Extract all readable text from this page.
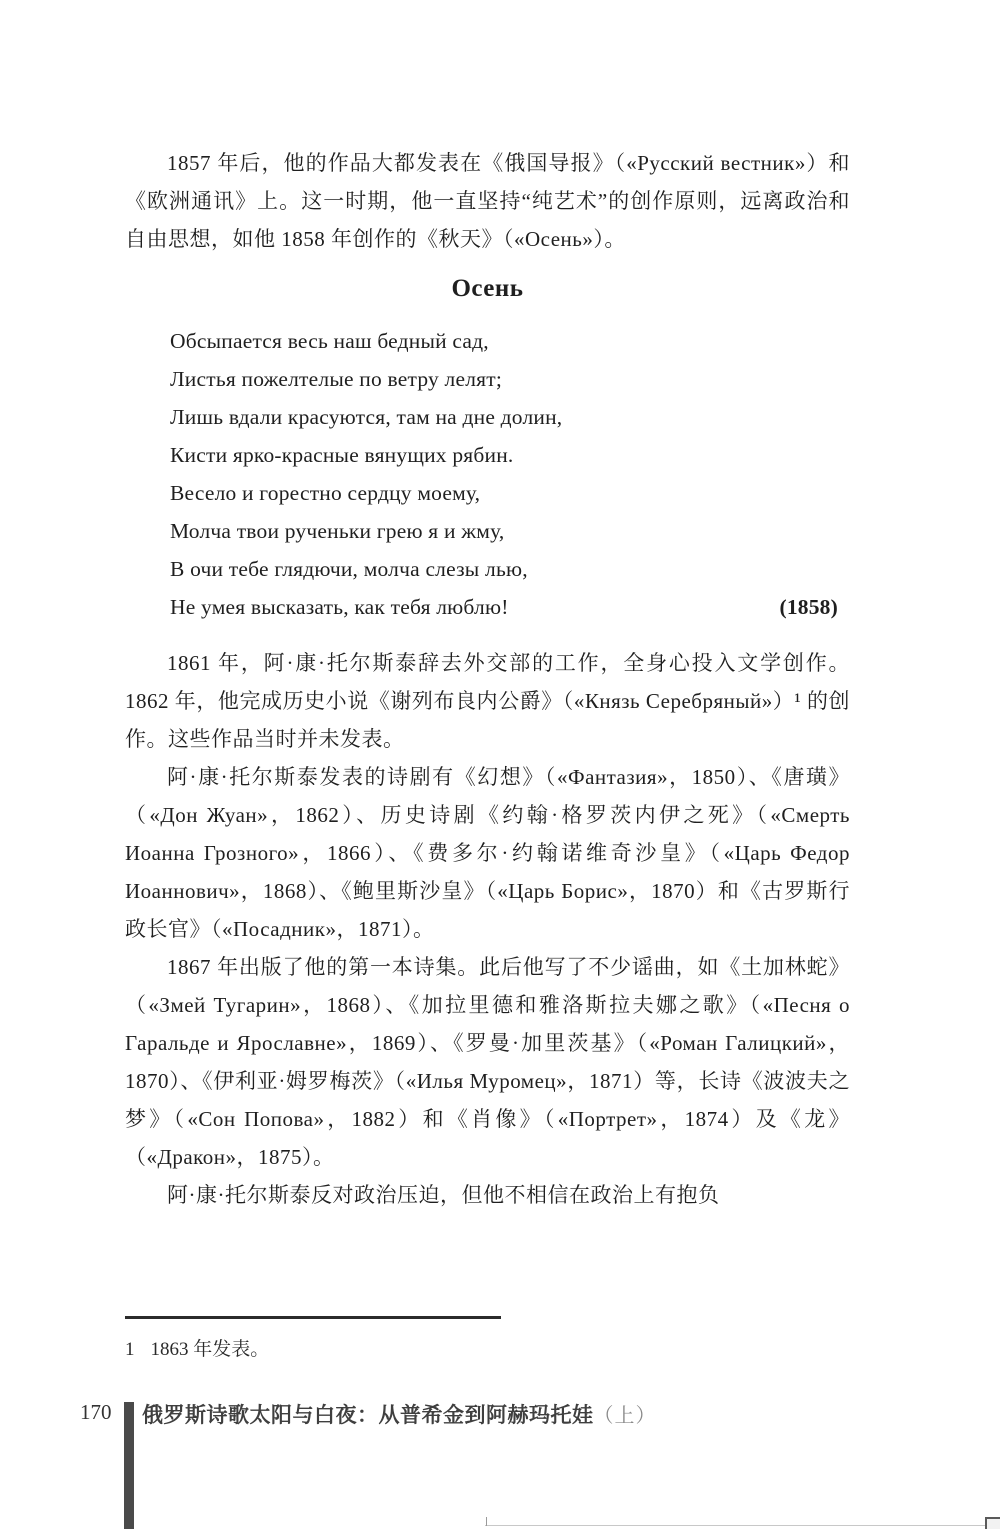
1857 年后，他的作品大都发表在《俄国导报》（«Русский вестник»）和《欧洲通讯》上。这一时期，他一直坚持“纯艺术”的创作原则，远离政治和自由思想，如他 1858 年创作的《秋天》（«Осень»）。

Осень

Обсыпается весь наш бедный сад,

Листья пожелтелые по ветру лелят;

Лишь вдали красуются, там на дне долин,

Кисти ярко-красные вянущих рябин.

Весело и горестно сердцу моему,

Молча твои рученьки грею я и жму,

В очи тебе глядючи, молча слезы лью,

Не умея высказать, как тебя люблю!	(1858)

1861 年，阿·康·托尔斯泰辞去外交部的工作，全身心投入文学创作。1862 年，他完成历史小说《谢列布良内公爵》（«Князь Серебряный»）¹ 的创作。这些作品当时并未发表。

阿·康·托尔斯泰发表的诗剧有《幻想》（«Фантазия»，1850）、《唐璜》（«Дон Жуан»，1862）、历史诗剧《约翰·格罗茨内伊之死》（«Смерть Иоанна Грозного»，1866）、《费多尔·约翰诺维奇沙皇》（«Царь Федор Иоаннович»，1868）、《鲍里斯沙皇》（«Царь Борис»，1870）和《古罗斯行政长官》（«Посадник»，1871）。

1867 年出版了他的第一本诗集。此后他写了不少谣曲，如《土加林蛇》（«Змей Тугарин»，1868）、《加拉里德和雅洛斯拉夫娜之歌》（«Песня о Гаральде и Ярославне»，1869）、《罗曼·加里茨基》（«Роман Галицкий»，1870）、《伊利亚·姆罗梅茨》（«Илья Муромец»，1871）等，长诗《波波夫之梦》（«Сон Попова»，1882）和《肖像》（«Портрет»，1874）及《龙》（«Дракон»，1875）。

阿·康·托尔斯泰反对政治压迫，但他不相信在政治上有抱负

1 1863 年发表。
170 俄罗斯诗歌太阳与白夜：从普希金到阿赫玛托娃（上）
